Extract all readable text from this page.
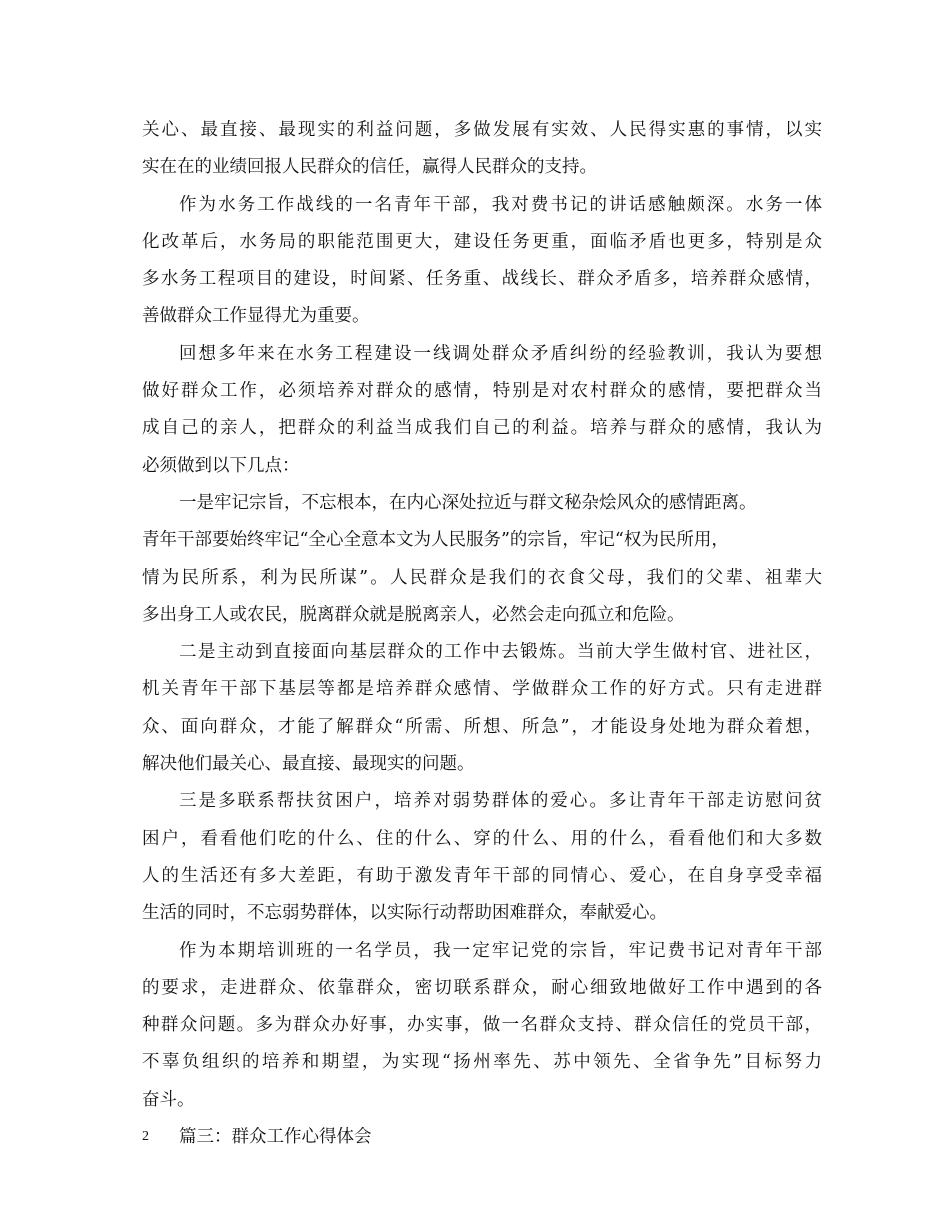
关心、最直接、最现实的利益问题，多做发展有实效、人民得实惠的事情，以实
实在在的业绩回报人民群众的信任，赢得人民群众的支持。
作为水务工作战线的一名青年干部，我对费书记的讲话感触颇深。水务一体
化改革后，水务局的职能范围更大，建设任务更重，面临矛盾也更多，特别是众
多水务工程项目的建设，时间紧、任务重、战线长、群众矛盾多，培养群众感情，
善做群众工作显得尤为重要。
回想多年来在水务工程建设一线调处群众矛盾纠纷的经验教训，我认为要想
做好群众工作，必须培养对群众的感情，特别是对农村群众的感情，要把群众当
成自己的亲人，把群众的利益当成我们自己的利益。培养与群众的感情，我认为
必须做到以下几点：
一是牢记宗旨，不忘根本，在内心深处拉近与群文秘杂烩风众的感情距离。
青年干部要始终牢记“全心全意本文为人民服务”的宗旨，牢记“权为民所用，
情为民所系，利为民所谋”。人民群众是我们的衣食父母，我们的父辈、祖辈大
多出身工人或农民，脱离群众就是脱离亲人，必然会走向孤立和危险。
二是主动到直接面向基层群众的工作中去锻炼。当前大学生做村官、进社区，
机关青年干部下基层等都是培养群众感情、学做群众工作的好方式。只有走进群
众、面向群众，才能了解群众“所需、所想、所急”，才能设身处地为群众着想，
解决他们最关心、最直接、最现实的问题。
三是多联系帮扶贫困户，培养对弱势群体的爱心。多让青年干部走访慰问贫
困户，看看他们吃的什么、住的什么、穿的什么、用的什么，看看他们和大多数
人的生活还有多大差距，有助于激发青年干部的同情心、爱心，在自身享受幸福
生活的同时，不忘弱势群体，以实际行动帮助困难群众，奉献爱心。
作为本期培训班的一名学员，我一定牢记党的宗旨，牢记费书记对青年干部
的要求，走进群众、依靠群众，密切联系群众，耐心细致地做好工作中遇到的各
种群众问题。多为群众办好事，办实事，做一名群众支持、群众信任的党员干部，
不辜负组织的培养和期望，为实现“扬州率先、苏中领先、全省争先”目标努力
奋斗。
篇三：群众工作心得体会
2
